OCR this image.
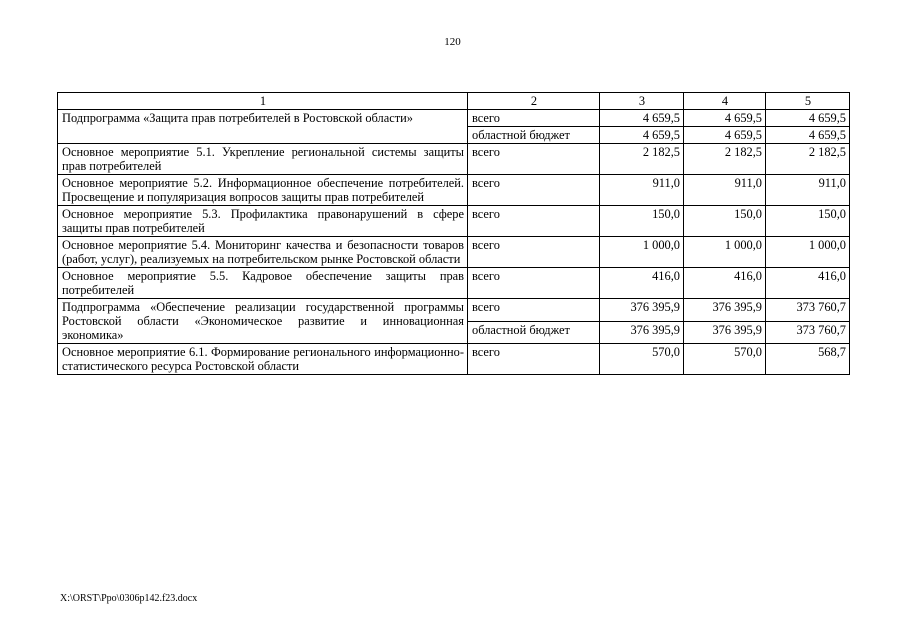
120
1	2	3	4	5
Подпрограмма «Защита прав потребителей в Ростовской области»	всего	4 659,5	4 659,5	4 659,5
	областной бюджет	4 659,5	4 659,5	4 659,5
Основное мероприятие 5.1. Укрепление региональной системы защиты прав потребителей	всего	2 182,5	2 182,5	2 182,5
Основное мероприятие 5.2. Информационное обеспечение потребителей. Просвещение и популяризация вопросов защиты прав потребителей	всего	911,0	911,0	911,0
Основное мероприятие 5.3. Профилактика правонарушений в сфере защиты прав потребителей	всего	150,0	150,0	150,0
Основное мероприятие 5.4. Мониторинг качества и безопасности товаров (работ, услуг), реализуемых на потребительском рынке Ростовской области	всего	1 000,0	1 000,0	1 000,0
Основное мероприятие 5.5. Кадровое обеспечение защиты прав потребителей	всего	416,0	416,0	416,0
Подпрограмма «Обеспечение реализации государственной программы Ростовской области «Экономическое развитие и инновационная экономика»	всего	376 395,9	376 395,9	373 760,7
	областной бюджет	376 395,9	376 395,9	373 760,7
Основное мероприятие 6.1. Формирование регионального информационно-статистического ресурса Ростовской области	всего	570,0	570,0	568,7
X:\ORST\Ppo\0306p142.f23.docx
